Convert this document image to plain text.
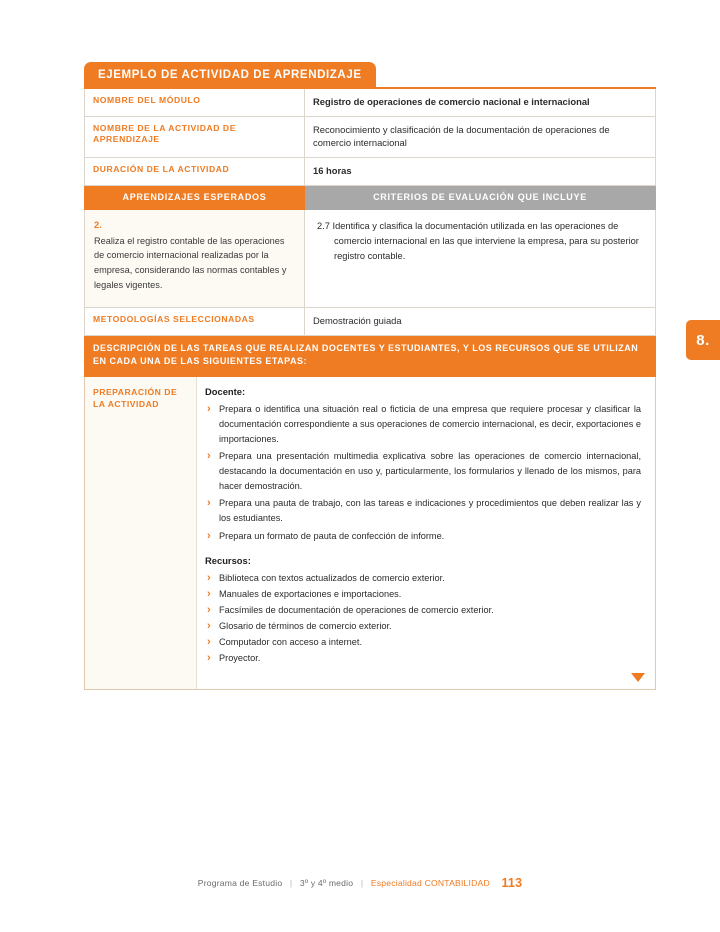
8.
EJEMPLO DE ACTIVIDAD DE APRENDIZAJE
NOMBRE DEL MÓDULO	Registro de operaciones de comercio nacional e internacional
NOMBRE DE LA ACTIVIDAD DE APRENDIZAJE	Reconocimiento y clasificación de la documentación de operaciones de comercio internacional
DURACIÓN DE LA ACTIVIDAD	16 horas
APRENDIZAJES ESPERADOS	CRITERIOS DE EVALUACIÓN QUE INCLUYE

2.
Realiza el registro contable de las operaciones de comercio internacional realizadas por la empresa, considerando las normas contables y legales vigentes.	2.7 Identifica y clasifica la documentación utilizada en las operaciones de comercio internacional en las que interviene la empresa, para su posterior registro contable.

METODOLOGÍAS SELECCIONADAS	Demostración guiada
DESCRIPCIÓN DE LAS TAREAS QUE REALIZAN DOCENTES Y ESTUDIANTES, Y LOS RECURSOS QUE SE UTILIZAN EN CADA UNA DE LAS SIGUIENTES ETAPAS:	
PREPARACIÓN DE LA ACTIVIDAD
Docente:
› Prepara o identifica una situación real o ficticia de una empresa que requiere procesar y clasificar la documentación correspondiente a sus operaciones de comercio internacional, es decir, exportaciones e importaciones.
› Prepara una presentación multimedia explicativa sobre las operaciones de comercio internacional, destacando la documentación en uso y, particularmente, los formularios y llenado de los mismos, para hacer demostración.
› Prepara una pauta de trabajo, con las tareas e indicaciones y procedimientos que deben realizar las y los estudiantes.
› Prepara un formato de pauta de confección de informe.
Recursos:
› Biblioteca con textos actualizados de comercio exterior.
› Manuales de exportaciones e importaciones.
› Facsímiles de documentación de operaciones de comercio exterior.
› Glosario de términos de comercio exterior.
› Computador con acceso a internet.
› Proyector.
Programa de Estudio | 3º y 4º medio | Especialidad CONTABILIDAD 113
